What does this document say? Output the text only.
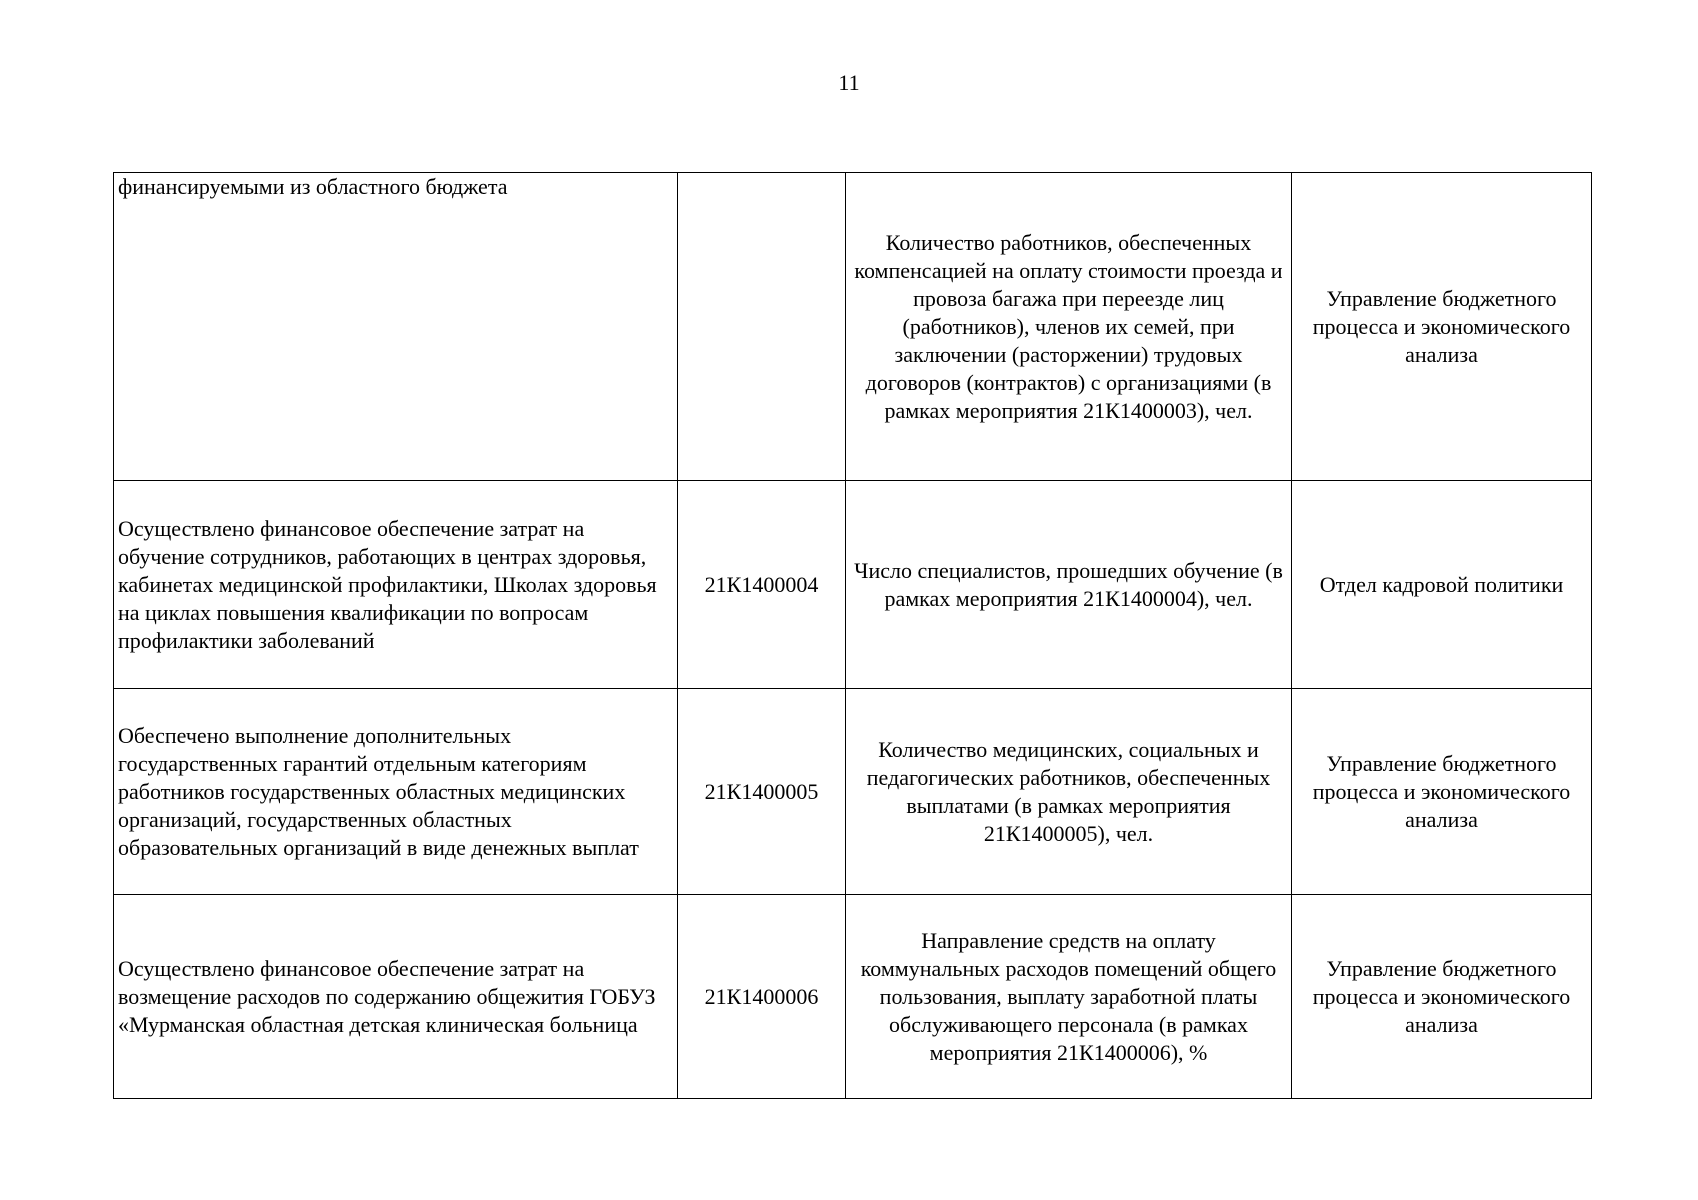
11
финансируемыми из областного бюджета		Количество работников, обеспеченных компенсацией на оплату стоимости проезда и провоза багажа при переезде лиц (работников), членов их семей, при заключении (расторжении) трудовых договоров (контрактов) с организациями (в рамках мероприятия 21К1400003), чел.	Управление бюджетного процесса и экономического анализа
Осуществлено финансовое обеспечение затрат на обучение сотрудников, работающих в центрах здоровья, кабинетах медицинской профилактики, Школах здоровья на циклах повышения квалификации по вопросам профилактики заболеваний	21К1400004	Число специалистов, прошедших обучение (в рамках мероприятия 21К1400004), чел.	Отдел кадровой политики
Обеспечено выполнение дополнительных государственных гарантий отдельным категориям работников государственных областных медицинских организаций, государственных областных образовательных организаций в виде денежных выплат	21К1400005	Количество медицинских, социальных и педагогических работников, обеспеченных выплатами (в рамках мероприятия 21К1400005), чел.	Управление бюджетного процесса и экономического анализа
Осуществлено финансовое обеспечение затрат на возмещение расходов по содержанию общежития ГОБУЗ «Мурманская областная детская клиническая больница	21К1400006	Направление средств на оплату коммунальных расходов помещений общего пользования, выплату заработной платы обслуживающего персонала (в рамках мероприятия 21К1400006), %	Управление бюджетного процесса и экономического анализа
